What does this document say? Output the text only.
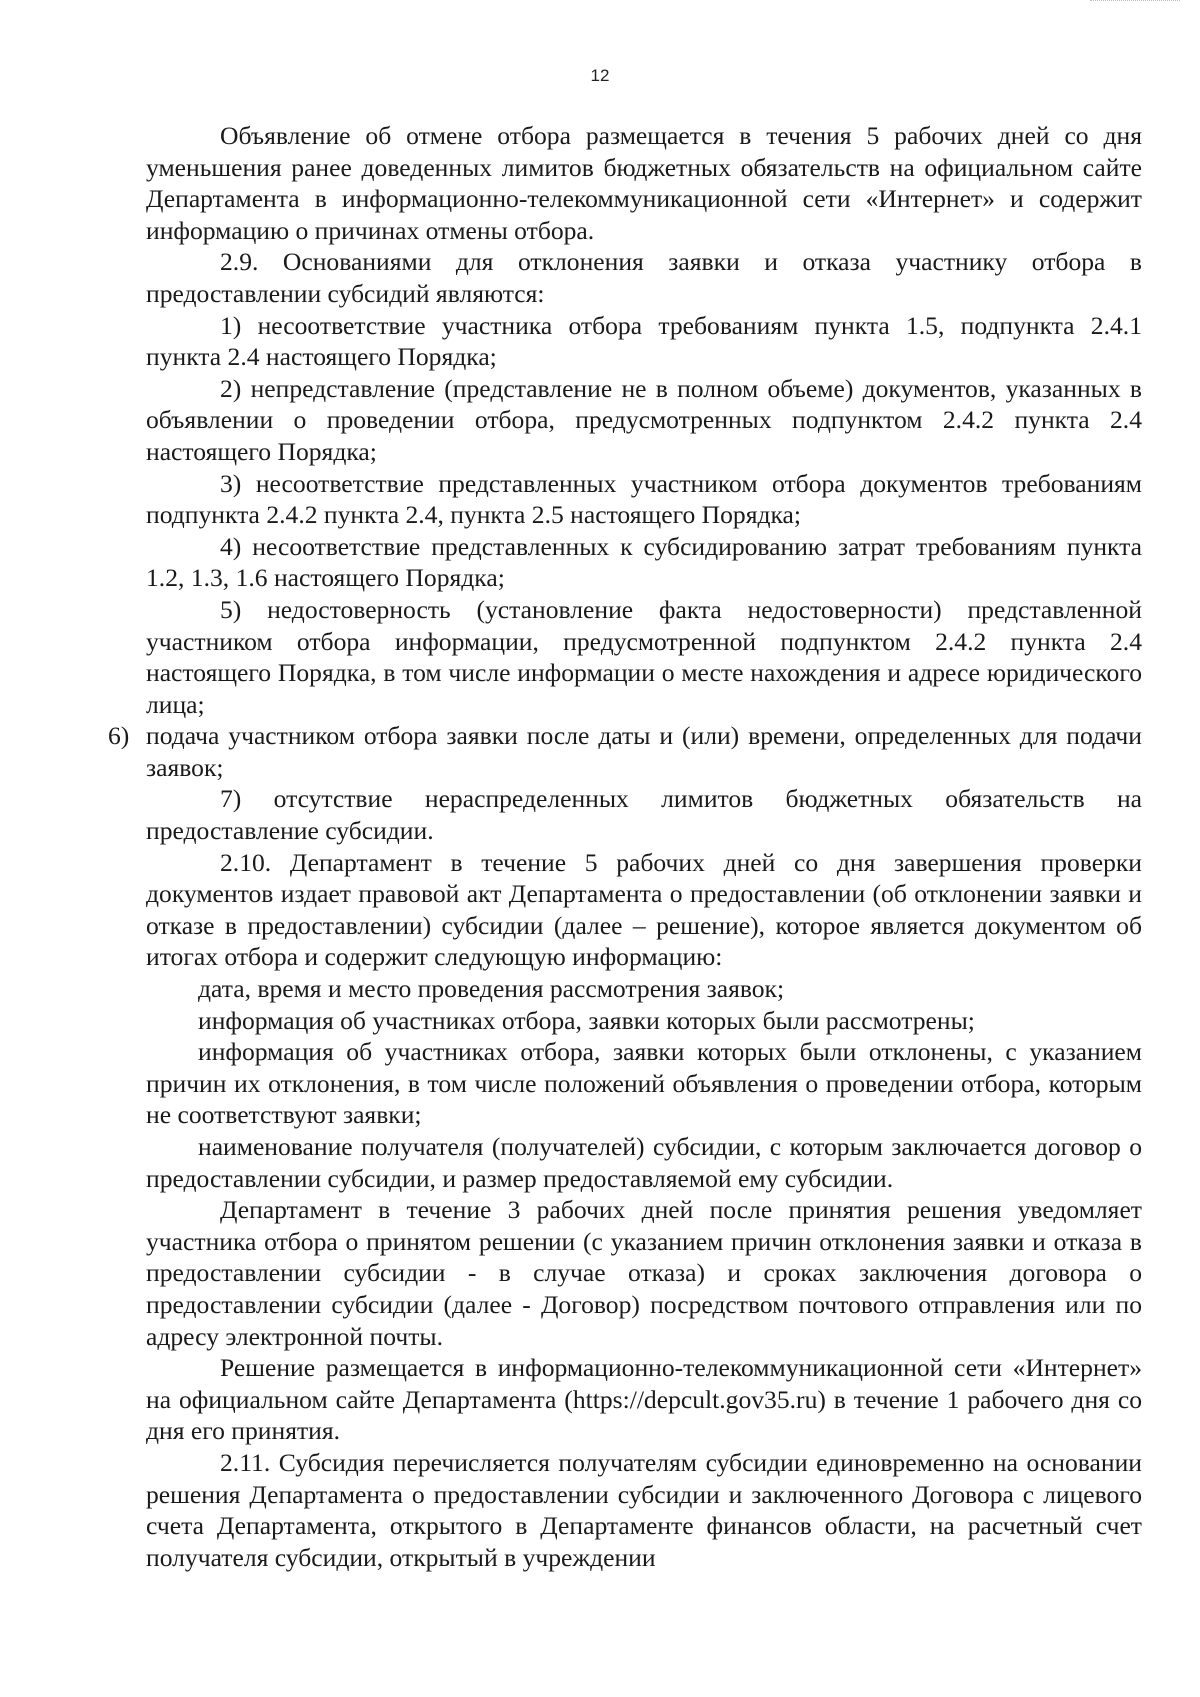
12

Объявление об отмене отбора размещается в течения 5 рабочих дней со дня уменьшения ранее доведенных лимитов бюджетных обязательств на официальном сайте Департамента в информационно-телекоммуникационной сети «Интернет» и содержит информацию о причинах отмены отбора.

2.9. Основаниями для отклонения заявки и отказа участнику отбора в предоставлении субсидий являются:

1) несоответствие участника отбора требованиям пункта 1.5, подпункта 2.4.1 пункта 2.4 настоящего Порядка;

2) непредставление (представление не в полном объеме) документов, указанных в объявлении о проведении отбора, предусмотренных подпунктом 2.4.2 пункта 2.4 настоящего Порядка;

3) несоответствие представленных участником отбора документов требованиям подпункта 2.4.2 пункта 2.4, пункта 2.5 настоящего Порядка;

4) несоответствие представленных к субсидированию затрат требованиям пункта 1.2, 1.3, 1.6 настоящего Порядка;

5) недостоверность (установление факта недостоверности) представленной участником отбора информации, предусмотренной подпунктом 2.4.2 пункта 2.4 настоящего Порядка, в том числе информации о месте нахождения и адресе юридического лица;

6) подача участником отбора заявки после даты и (или) времени, определенных для подачи заявок;

7) отсутствие нераспределенных лимитов бюджетных обязательств на предоставление субсидии.

2.10. Департамент в течение 5 рабочих дней со дня завершения проверки документов издает правовой акт Департамента о предоставлении (об отклонении заявки и отказе в предоставлении) субсидии (далее – решение), которое является документом об итогах отбора и содержит следующую информацию:

дата, время и место проведения рассмотрения заявок;

информация об участниках отбора, заявки которых были рассмотрены;

информация об участниках отбора, заявки которых были отклонены, с указанием причин их отклонения, в том числе положений объявления о проведении отбора, которым не соответствуют заявки;

наименование получателя (получателей) субсидии, с которым заключается договор о предоставлении субсидии, и размер предоставляемой ему субсидии.

Департамент в течение 3 рабочих дней после принятия решения уведомляет участника отбора о принятом решении (с указанием причин отклонения заявки и отказа в предоставлении субсидии - в случае отказа) и сроках заключения договора о предоставлении субсидии (далее - Договор) посредством почтового отправления или по адресу электронной почты.

Решение размещается в информационно-телекоммуникационной сети «Интернет» на официальном сайте Департамента (https://depcult.gov35.ru) в течение 1 рабочего дня со дня его принятия.

2.11. Субсидия перечисляется получателям субсидии единовременно на основании решения Департамента о предоставлении субсидии и заключенного Договора с лицевого счета Департамента, открытого в Департаменте финансов области, на расчетный счет получателя субсидии, открытый в учреждении
